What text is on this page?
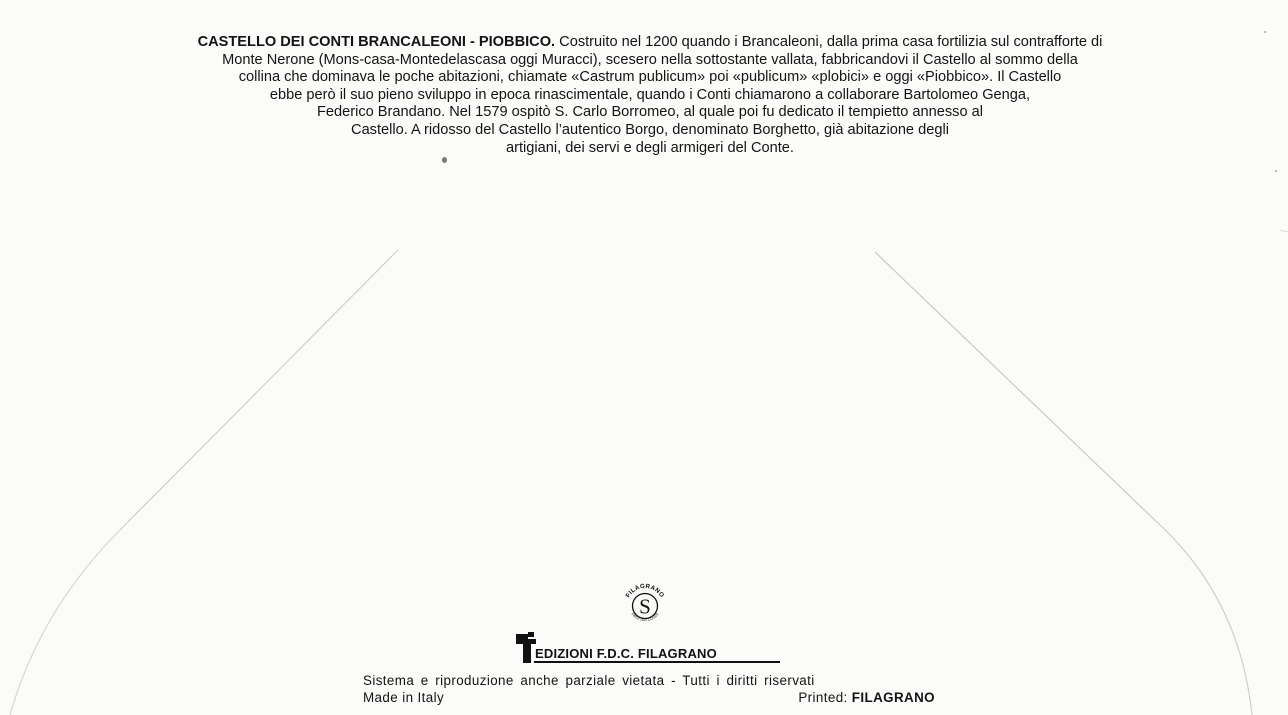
CASTELLO DEI CONTI BRANCALEONI - PIOBBICO. Costruito nel 1200 quando i Brancaleoni, dalla prima casa fortilizia sul contrafforte di
Monte Nerone (Mons-casa-Montedelascasa oggi Muracci), scesero nella sottostante vallata, fabbricandovi il Castello al sommo della
collina che dominava le poche abitazioni, chiamate «Castrum publicum» poi «publicum» «plobici» e oggi «Piobbico». Il Castello
ebbe però il suo pieno sviluppo in epoca rinascimentale, quando i Conti chiamarono a collaborare Bartolomeo Genga,
Federico Brandano. Nel 1579 ospitò S. Carlo Borromeo, al quale poi fu dedicato il tempietto annesso al
Castello. A ridosso del Castello l’autentico Borgo, denominato Borghetto, già abitazione degli
artigiani, dei servi e degli armigeri del Conte.
S
FILAGRANO
FIRST DAY COVER
EDIZIONI F.D.C. FILAGRANO
Sistema e riproduzione anche parziale vietata - Tutti i diritti riservati
Made in Italy	Printed: FILAGRANO
